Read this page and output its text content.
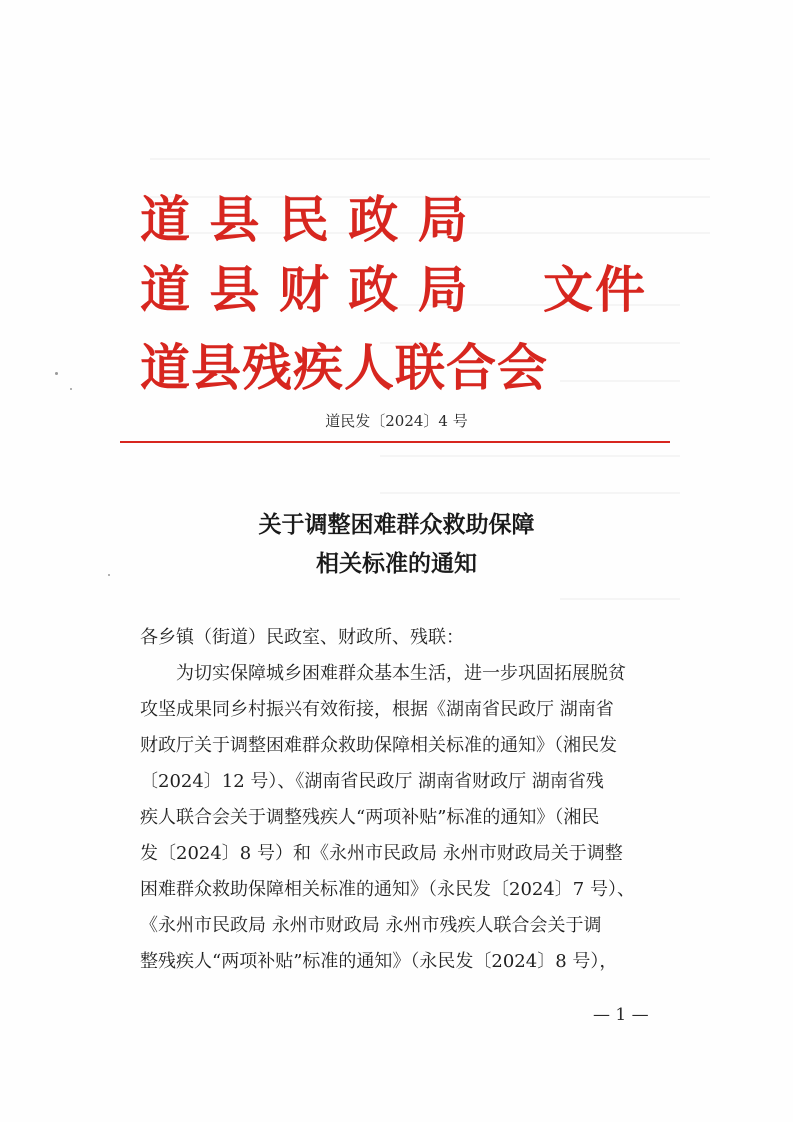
道 县 民 政 局
道 县 财 政 局
道县残疾人联合会
文件
道民发〔2024〕4 号
关于调整困难群众救助保障
相关标准的通知
各乡镇（街道）民政室、财政所、残联：
　　为切实保障城乡困难群众基本生活，进一步巩固拓展脱贫
攻坚成果同乡村振兴有效衔接，根据《湖南省民政厅 湖南省
财政厅关于调整困难群众救助保障相关标准的通知》（湘民发
〔2024〕12 号）、《湖南省民政厅 湖南省财政厅 湖南省残
疾人联合会关于调整残疾人“两项补贴”标准的通知》（湘民
发〔2024〕8 号）和《永州市民政局 永州市财政局关于调整
困难群众救助保障相关标准的通知》（永民发〔2024〕7 号）、
《永州市民政局 永州市财政局 永州市残疾人联合会关于调
整残疾人“两项补贴”标准的通知》（永民发〔2024〕8 号），
— 1 —
